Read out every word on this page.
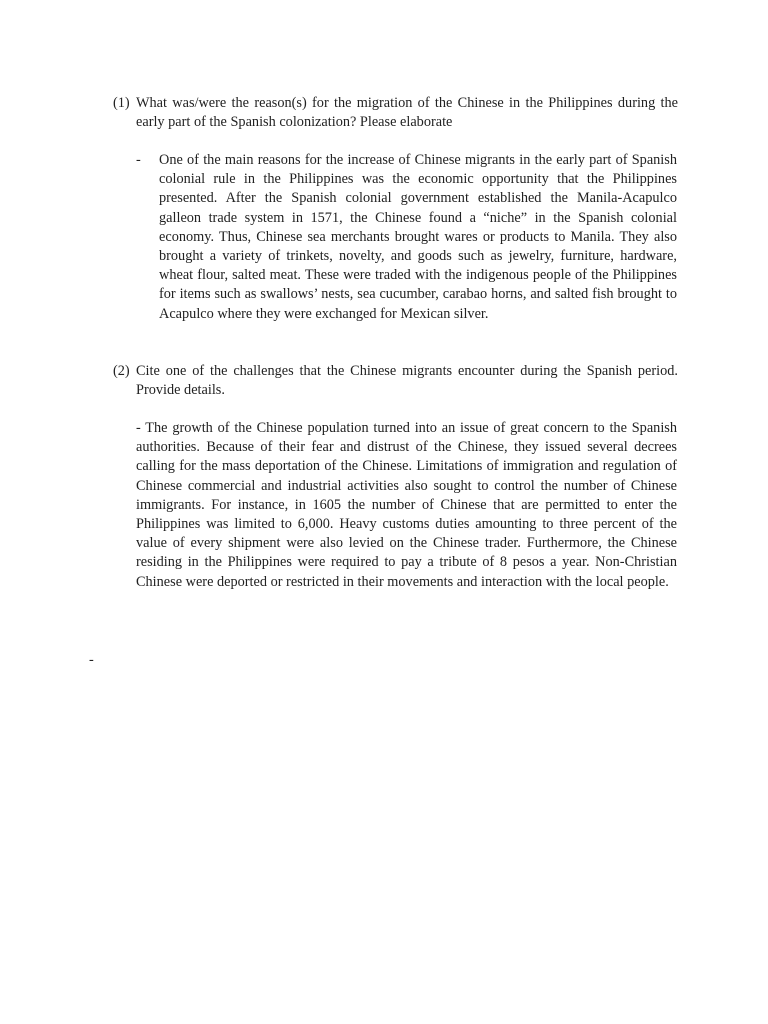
(1) What was/were the reason(s) for the migration of the Chinese in the Philippines during the early part of the Spanish colonization? Please elaborate
- One of the main reasons for the increase of Chinese migrants in the early part of Spanish colonial rule in the Philippines was the economic opportunity that the Philippines presented. After the Spanish colonial government established the Manila-Acapulco galleon trade system in 1571, the Chinese found a “niche” in the Spanish colonial economy. Thus, Chinese sea merchants brought wares or products to Manila. They also brought a variety of trinkets, novelty, and goods such as jewelry, furniture, hardware, wheat flour, salted meat. These were traded with the indigenous people of the Philippines for items such as swallows’ nests, sea cucumber, carabao horns, and salted fish brought to Acapulco where they were exchanged for Mexican silver.
(2) Cite one of the challenges that the Chinese migrants encounter during the Spanish period. Provide details.
- The growth of the Chinese population turned into an issue of great concern to the Spanish authorities. Because of their fear and distrust of the Chinese, they issued several decrees calling for the mass deportation of the Chinese. Limitations of immigration and regulation of Chinese commercial and industrial activities also sought to control the number of Chinese immigrants. For instance, in 1605 the number of Chinese that are permitted to enter the Philippines was limited to 6,000. Heavy customs duties amounting to three percent of the value of every shipment were also levied on the Chinese trader. Furthermore, the Chinese residing in the Philippines were required to pay a tribute of 8 pesos a year. Non-Christian Chinese were deported or restricted in their movements and interaction with the local people.
-
